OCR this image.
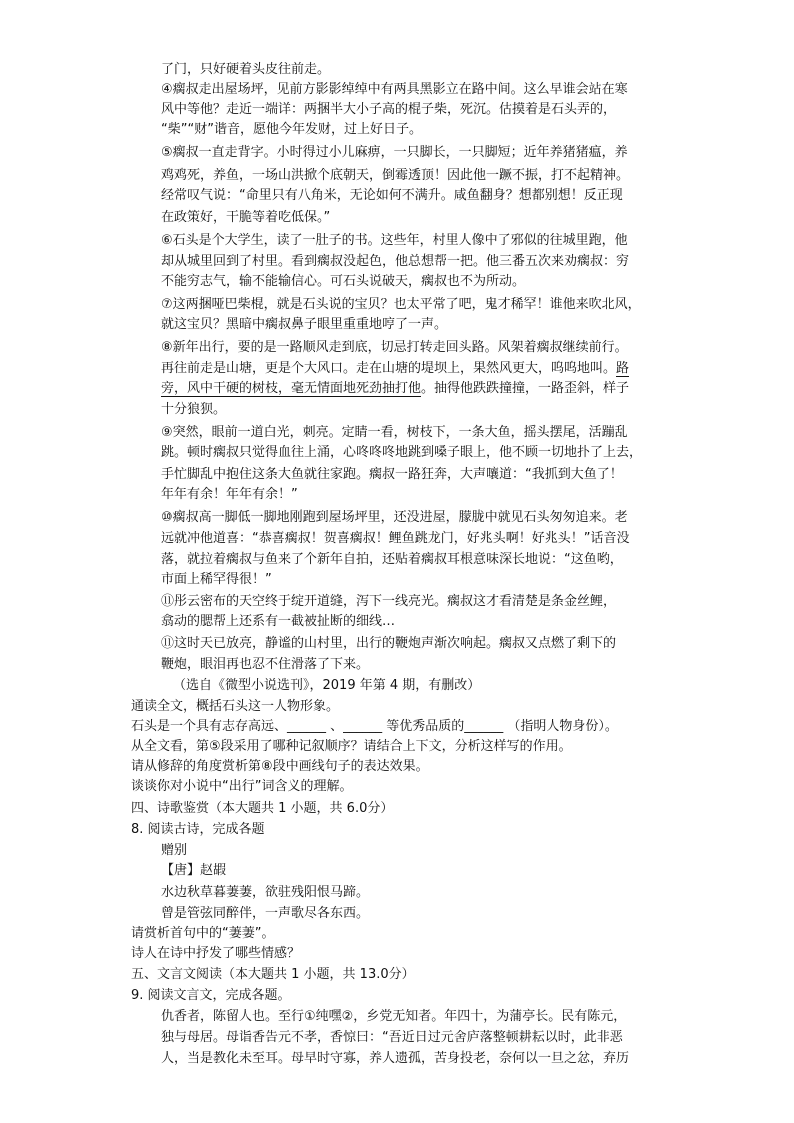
了门，只好硬着头皮往前走。
④瘸叔走出屋场坪，见前方影影绰绰中有两具黑影立在路中间。这么早谁会站在寒
风中等他？走近一端详：两捆半大小子高的棍子柴，死沉。估摸着是石头弄的，
“柴”“财”谐音，愿他今年发财，过上好日子。
⑤瘸叔一直走背字。小时得过小儿麻痹，一只脚长，一只脚短；近年养猪猪瘟，养
鸡鸡死，养鱼，一场山洪掀个底朝天，倒霉透顶！因此他一蹶不振，打不起精神。
经常叹气说：“命里只有八角米，无论如何不满升。咸鱼翻身？想都别想！反正现
在政策好，干脆等着吃低保。”
⑥石头是个大学生，读了一肚子的书。这些年，村里人像中了邪似的往城里跑，他
却从城里回到了村里。看到瘸叔没起色，他总想帮一把。他三番五次来劝瘸叔：穷
不能穷志气，输不能输信心。可石头说破天，瘸叔也不为所动。
⑦这两捆哑巴柴棍，就是石头说的宝贝？也太平常了吧，鬼才稀罕！谁他来吹北风，
就这宝贝？黑暗中瘸叔鼻子眼里重重地哼了一声。
⑧新年出行，要的是一路顺风走到底，切忌打转走回头路。风架着瘸叔继续前行。
再往前走是山塘，更是个大风口。走在山塘的堤坝上，果然风更大，呜呜地叫。路
旁，风中干硬的树枝，毫无情面地死劲抽打他。抽得他跌跌撞撞，一路歪斜，样子
十分狼狈。
⑨突然，眼前一道白光，刺亮。定睛一看，树枝下，一条大鱼，摇头摆尾，活蹦乱
跳。顿时瘸叔只觉得血往上涌，心咚咚咚地跳到嗓子眼上，他不顾一切地扑了上去，
手忙脚乱中抱住这条大鱼就往家跑。瘸叔一路狂奔，大声嚷道：“我抓到大鱼了！
年年有余！年年有余！”
⑩瘸叔高一脚低一脚地刚跑到屋场坪里，还没进屋，朦胧中就见石头匆匆追来。老
远就冲他道喜：“恭喜瘸叔！贺喜瘸叔！鲤鱼跳龙门，好兆头啊！好兆头！”话音没
落，就拉着瘸叔与鱼来了个新年自拍，还贴着瘸叔耳根意味深长地说：“这鱼哟，
市面上稀罕得很！”
⑪彤云密布的天空终于绽开道缝，泻下一线亮光。瘸叔这才看清楚是条金丝鲤，
翕动的腮帮上还系有一截被扯断的细线…
⑪这时天已放亮，静谧的山村里，出行的鞭炮声渐次响起。瘸叔又点燃了剩下的
鞭炮，眼泪再也忍不住滑落了下来。
（选自《微型小说选刊》，2019 年第 4 期，有删改）
通读全文，概括石头这一人物形象。
石头是一个具有志存高远、______ 、______ 等优秀品质的______ （指明人物身份）。
从全文看，第⑤段采用了哪种记叙顺序？请结合上下文，分析这样写的作用。
请从修辞的角度赏析第⑧段中画线句子的表达效果。
谈谈你对小说中“出行”词含义的理解。
四、诗歌鉴赏（本大题共 1 小题，共 6.0分）
8. 阅读古诗，完成各题
赠别
【唐】赵嘏
水边秋草暮萋萋，欲驻残阳恨马蹄。
曾是管弦同醉伴，一声歌尽各东西。
请赏析首句中的“萋萋”。
诗人在诗中抒发了哪些情感？
五、文言文阅读（本大题共 1 小题，共 13.0分）
9. 阅读文言文，完成各题。
仇香者，陈留人也。至行①纯嘿②，乡党无知者。年四十，为蒲亭长。民有陈元，
独与母居。母诣香告元不孝，香惊曰：“吾近日过元舍庐落整顿耕耘以时，此非恶
人，当是教化未至耳。母早时守寡，养人遗孤，苦身投老，奈何以一旦之忿，弃历
